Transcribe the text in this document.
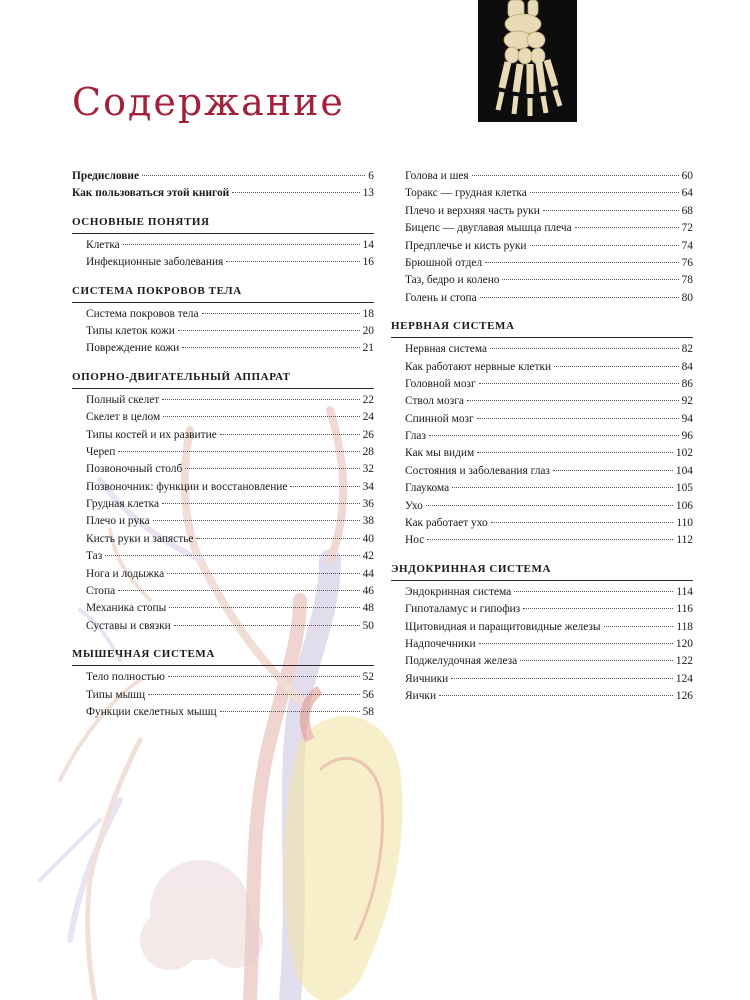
Содержание
Предисловие	6
Как пользоваться этой книгой	13
ОСНОВНЫЕ ПОНЯТИЯ
Клетка	14
Инфекционные заболевания	16
СИСТЕМА ПОКРОВОВ ТЕЛА
Система покровов тела	18
Типы клеток кожи	20
Повреждение кожи	21
ОПОРНО-ДВИГАТЕЛЬНЫЙ АППАРАТ
Полный скелет	22
Скелет в целом	24
Типы костей и их развитие	26
Череп	28
Позвоночный столб	32
Позвоночник: функции и восстановление	34
Грудная клетка	36
Плечо и рука	38
Кисть руки и запястье	40
Таз	42
Нога и лодыжка	44
Стопа	46
Механика стопы	48
Суставы и связки	50
МЫШЕЧНАЯ СИСТЕМА
Тело полностью	52
Типы мышц	56
Функции скелетных мышц	58
Голова и шея	60
Торакс — грудная клетка	64
Плечо и верхняя часть руки	68
Бицепс — двуглавая мышца плеча	72
Предплечье и кисть руки	74
Брюшной отдел	76
Таз, бедро и колено	78
Голень и стопа	80
НЕРВНАЯ СИСТЕМА
Нервная система	82
Как работают нервные клетки	84
Головной мозг	86
Ствол мозга	92
Спинной мозг	94
Глаз	96
Как мы видим	102
Состояния и заболевания глаз	104
Глаукома	105
Ухо	106
Как работает ухо	110
Нос	112
ЭНДОКРИННАЯ СИСТЕМА
Эндокринная система	114
Гипоталамус и гипофиз	116
Щитовидная и паращитовидные железы	118
Надпочечники	120
Поджелудочная железа	122
Яичники	124
Яички	126
